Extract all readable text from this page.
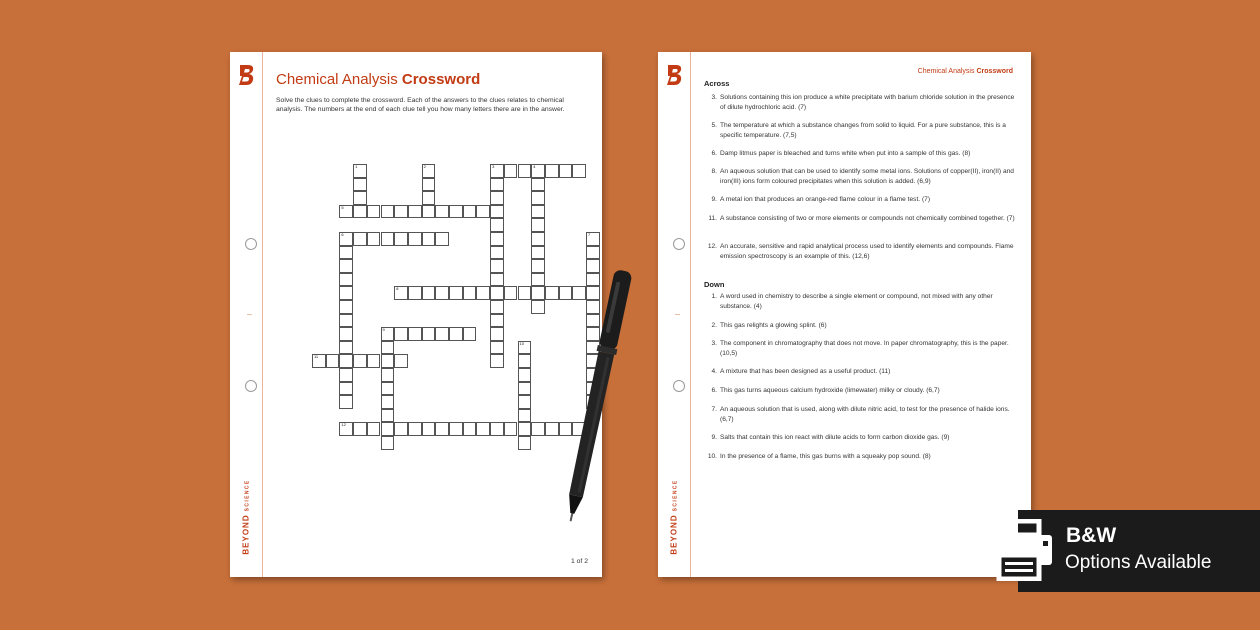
BEYONDSCIENCE
Chemical Analysis Crossword
Solve the clues to complete the crossword. Each of the answers to the clues relates to chemical analysis. The numbers at the end of each clue tell you how many letters there are in the answer.
1	2	3	4
5
6	7
8
9
10
11
12
1 of 2
BEYONDSCIENCE
Chemical Analysis Crossword
Across
Down
3. Solutions containing this ion produce a white precipitate with barium chloride solution in the presence of dilute hydrochloric acid. (7)
5. The temperature at which a substance changes from solid to liquid. For a pure substance, this is a specific temperature. (7,5)
6. Damp litmus paper is bleached and turns white when put into a sample of this gas. (8)
8. An aqueous solution that can be used to identify some metal ions. Solutions of copper(II), iron(II) and iron(III) ions form coloured precipitates when this solution is added. (6,9)
9. A metal ion that produces an orange-red flame colour in a flame test. (7)
11. A substance consisting of two or more elements or compounds not chemically combined together. (7)
12. An accurate, sensitive and rapid analytical process used to identify elements and compounds. Flame emission spectroscopy is an example of this. (12,6)
1. A word used in chemistry to describe a single element or compound, not mixed with any other substance. (4)
2. This gas relights a glowing splint. (6)
3. The component in chromatography that does not move. In paper chromatography, this is the paper. (10,5)
4. A mixture that has been designed as a useful product. (11)
6. This gas turns aqueous calcium hydroxide (limewater) milky or cloudy. (6,7)
7. An aqueous solution that is used, along with dilute nitric acid, to test for the presence of halide ions. (6,7)
9. Salts that contain this ion react with dilute acids to form carbon dioxide gas. (9)
10. In the presence of a flame, this gas burns with a squeaky pop sound. (8)
B&W
Options Available
